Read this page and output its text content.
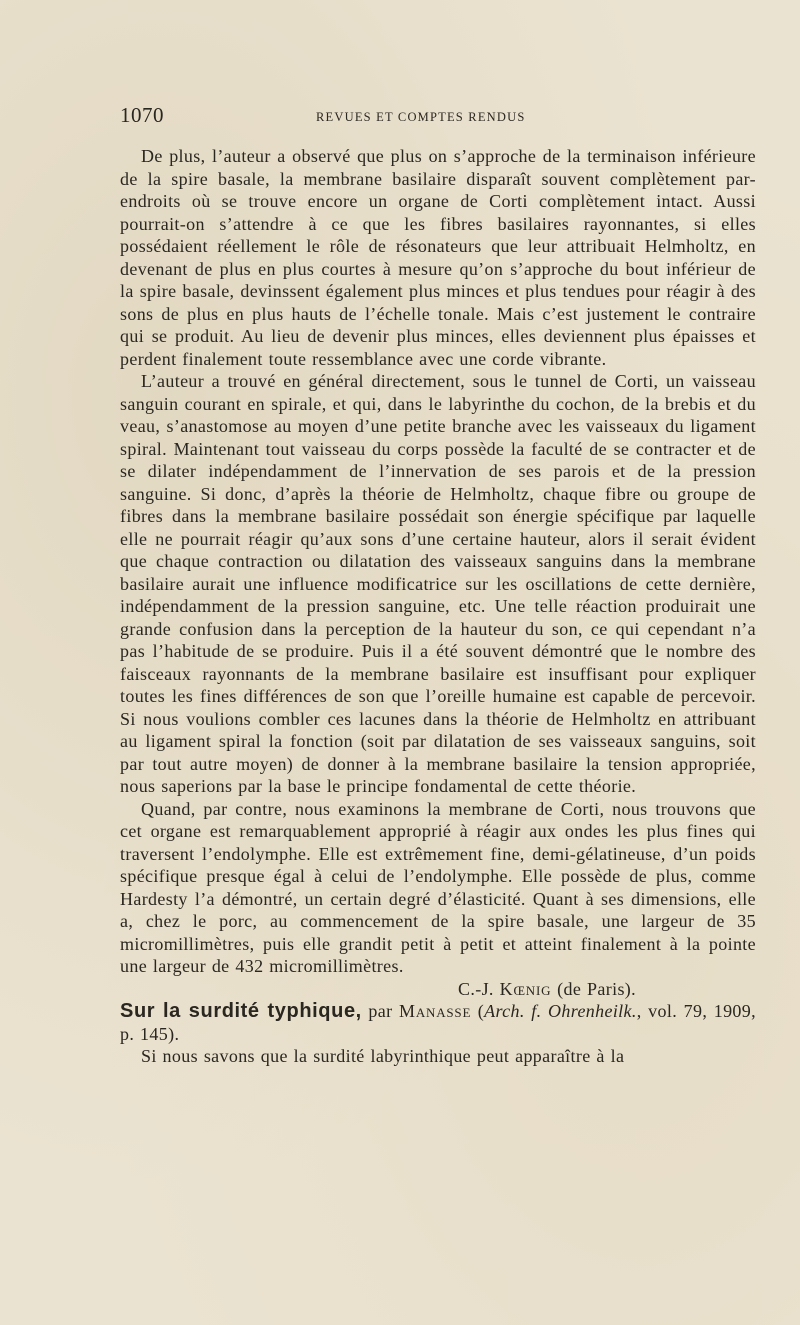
1070	REVUES ET COMPTES RENDUS

De plus, l’auteur a observé que plus on s’approche de la terminaison inférieure de la spire basale, la membrane basilaire disparaît souvent complètement par-endroits où se trouve encore un organe de Corti complètement intact. Aussi pourrait-on s’attendre à ce que les fibres basilaires rayonnantes, si elles possédaient réellement le rôle de résonateurs que leur attribuait Helmholtz, en devenant de plus en plus courtes à mesure qu’on s’approche du bout inférieur de la spire basale, devinssent également plus minces et plus tendues pour réagir à des sons de plus en plus hauts de l’échelle tonale. Mais c’est justement le contraire qui se produit. Au lieu de devenir plus minces, elles deviennent plus épaisses et perdent finalement toute ressemblance avec une corde vibrante.

L’auteur a trouvé en général directement, sous le tunnel de Corti, un vaisseau sanguin courant en spirale, et qui, dans le labyrinthe du cochon, de la brebis et du veau, s’anastomose au moyen d’une petite branche avec les vaisseaux du ligament spiral. Maintenant tout vaisseau du corps possède la faculté de se contracter et de se dilater indépendamment de l’innervation de ses parois et de la pression sanguine. Si donc, d’après la théorie de Helmholtz, chaque fibre ou groupe de fibres dans la membrane basilaire possédait son énergie spécifique par laquelle elle ne pourrait réagir qu’aux sons d’une certaine hauteur, alors il serait évident que chaque contraction ou dilatation des vaisseaux sanguins dans la membrane basilaire aurait une influence modificatrice sur les oscillations de cette dernière, indépendamment de la pression sanguine, etc. Une telle réaction produirait une grande confusion dans la perception de la hauteur du son, ce qui cependant n’a pas l’habitude de se produire. Puis il a été souvent démontré que le nombre des faisceaux rayonnants de la membrane basilaire est insuffisant pour expliquer toutes les fines différences de son que l’oreille humaine est capable de percevoir. Si nous voulions combler ces lacunes dans la théorie de Helmholtz en attribuant au ligament spiral la fonction (soit par dilatation de ses vaisseaux sanguins, soit par tout autre moyen) de donner à la membrane basilaire la tension appropriée, nous saperions par la base le principe fondamental de cette théorie.

Quand, par contre, nous examinons la membrane de Corti, nous trouvons que cet organe est remarquablement approprié à réagir aux ondes les plus fines qui traversent l’endolymphe. Elle est extrêmement fine, demi-gélatineuse, d’un poids spécifique presque égal à celui de l’endolymphe. Elle possède de plus, comme Hardesty l’a démontré, un certain degré d’élasticité. Quant à ses dimensions, elle a, chez le porc, au commencement de la spire basale, une largeur de 35 micromillimètres, puis elle grandit petit à petit et atteint finalement à la pointe une largeur de 432 micromillimètres.

C.-J. Kœnig (de Paris).

Sur la surdité typhique, par Manasse (Arch. f. Ohrenheilk., vol. 79, 1909, p. 145).

Si nous savons que la surdité labyrinthique peut apparaître à la
